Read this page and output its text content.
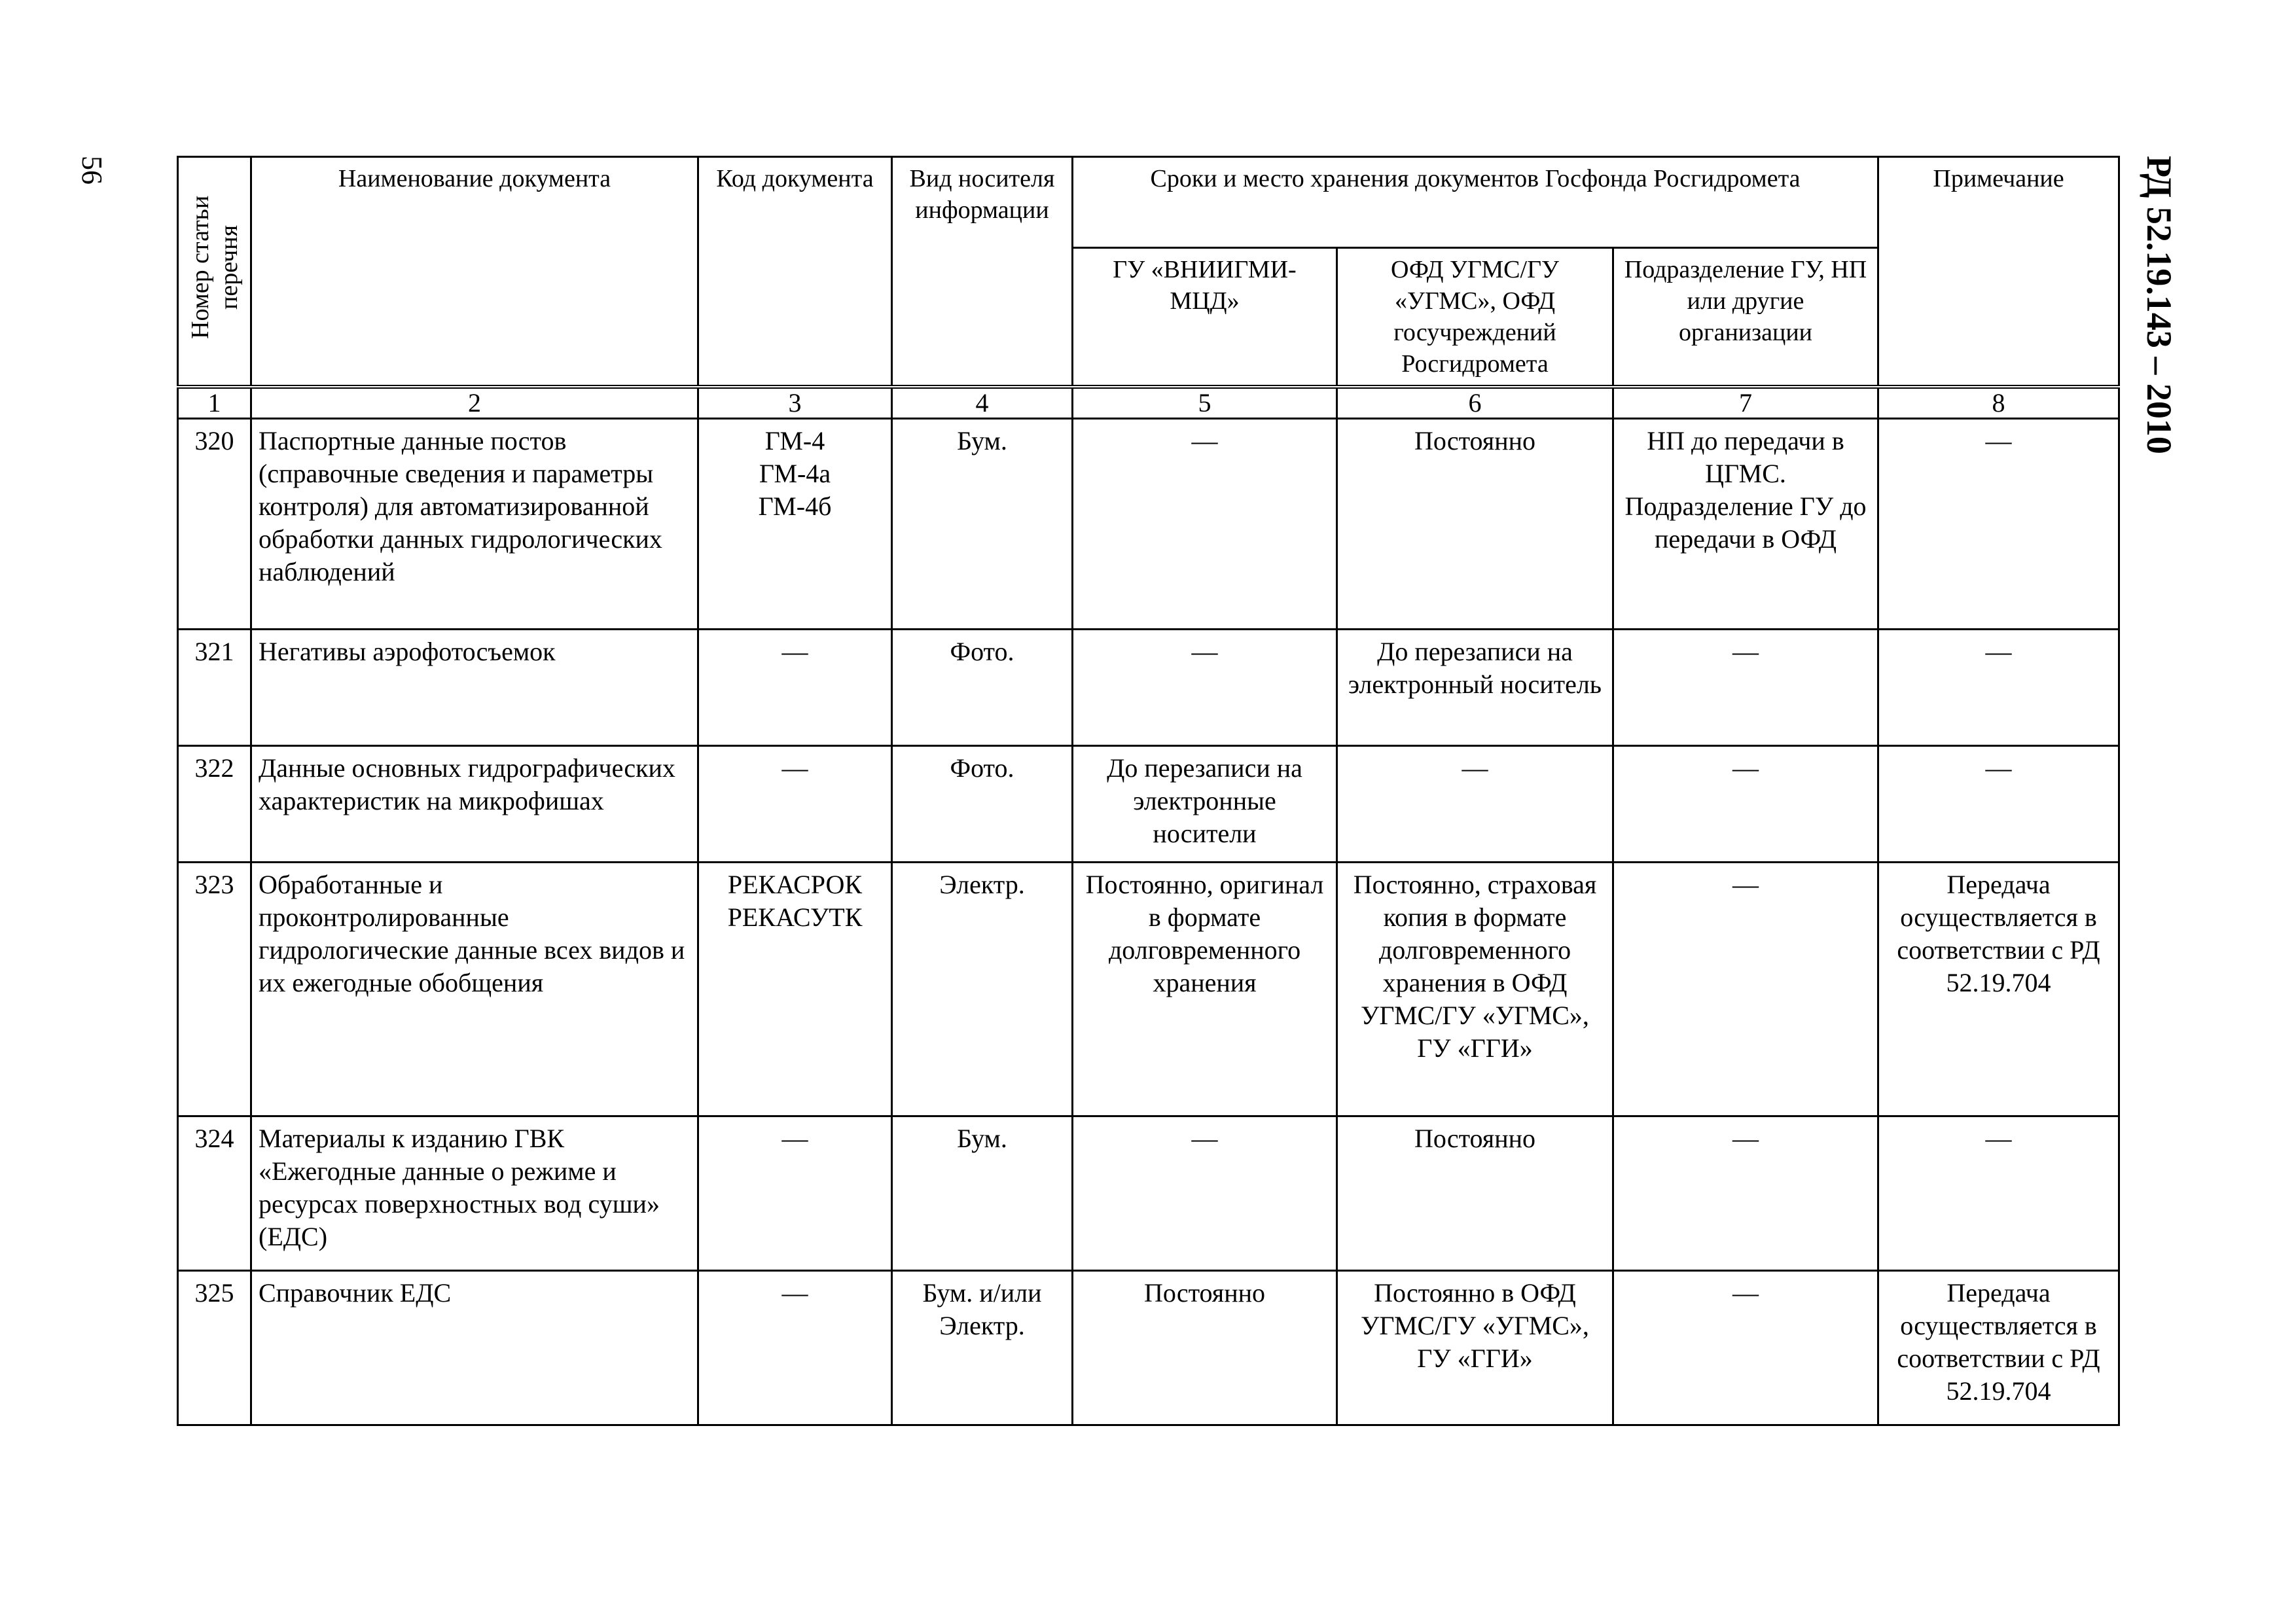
56	РД 52.19.143 – 2010
Номер статьи перечня	Наименование документа	Код документа	Вид носителя информации	Сроки и место хранения документов Госфонда Росгидромета			Примечание
				ГУ «ВНИИГМИ-МЦД»	ОФД УГМС/ГУ «УГМС», ОФД госучреждений Росгидромета	Подразделение ГУ, НП или другие организации	
1	2	3	4	5	6	7	8
320	Паспортные данные постов (справочные сведения и параметры контроля) для автоматизированной обработки данных гидрологических наблюдений	ГМ-4
ГМ-4а
ГМ-4б	Бум.	—	Постоянно	НП до передачи в ЦГМС. Подразделение ГУ до передачи в ОФД	—
321	Негативы аэрофотосъемок	—	Фото.	—	До перезаписи на электронный носитель	—	—
322	Данные основных гидрографических характеристик на микрофишах	—	Фото.	До перезаписи на электронные носители	—	—	—
323	Обработанные и проконтролированные гидрологические данные всех видов и их ежегодные обобщения	РЕКАСРОК
РЕКАСУТК	Электр.	Постоянно, оригинал в формате долговременного хранения	Постоянно, страховая копия в формате долговременного хранения в ОФД УГМС/ГУ «УГМС», ГУ «ГГИ»	—	Передача осуществляется в соответствии с РД 52.19.704
324	Материалы к изданию ГВК «Ежегодные данные о режиме и ресурсах поверхностных вод суши» (ЕДС)	—	Бум.	—	Постоянно	—	—
325	Справочник ЕДС	—	Бум. и/или Электр.	Постоянно	Постоянно в ОФД УГМС/ГУ «УГМС», ГУ «ГГИ»	—	Передача осуществляется в соответствии с РД 52.19.704
